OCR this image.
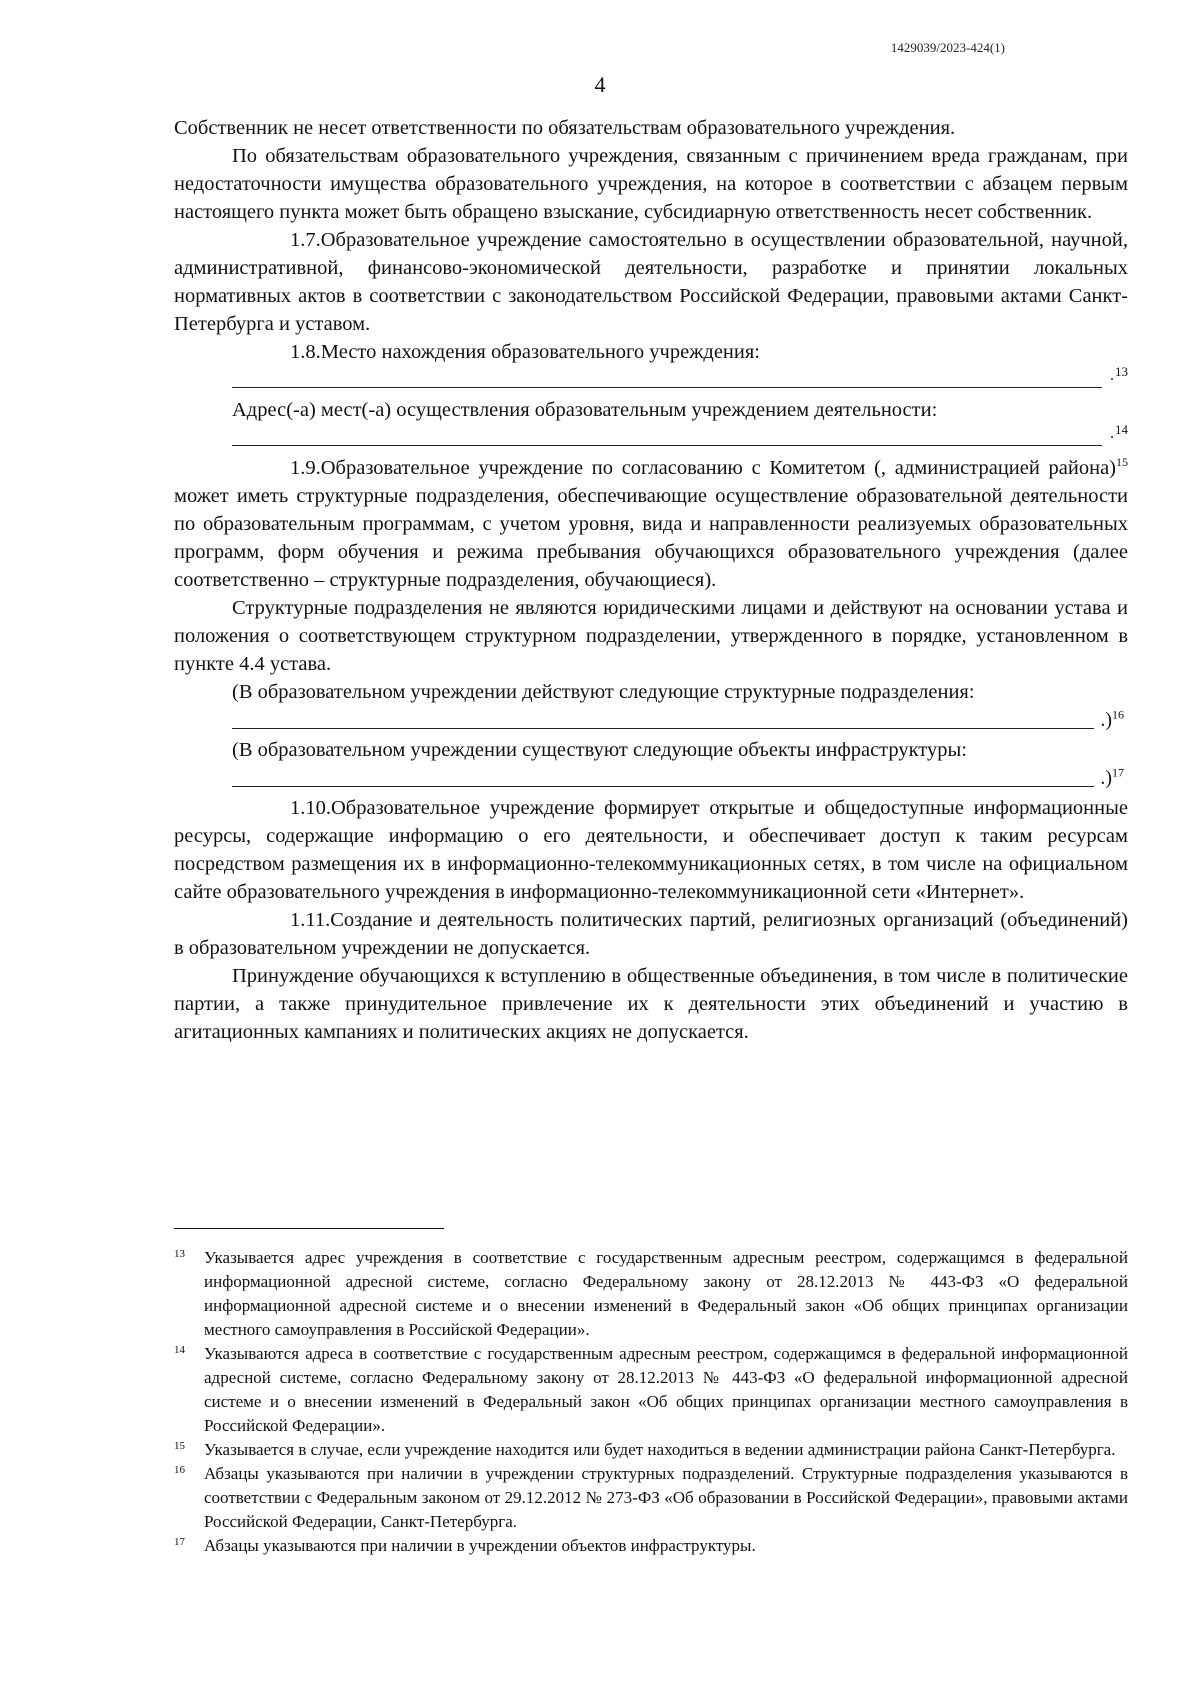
1429039/2023-424(1)
4

Собственник не несет ответственности по обязательствам образовательного учреждения.

По обязательствам образовательного учреждения, связанным с причинением вреда гражданам, при недостаточности имущества образовательного учреждения, на которое в соответствии с абзацем первым настоящего пункта может быть обращено взыскание, субсидиарную ответственность несет собственник.

1.7.Образовательное учреждение самостоятельно в осуществлении образовательной, научной, административной, финансово-экономической деятельности, разработке и принятии локальных нормативных актов в соответствии с законодательством Российской Федерации, правовыми актами Санкт-Петербурга и уставом.

1.8.Место нахождения образовательного учреждения:

. 13

Адрес(-а) мест(-а) осуществления образовательным учреждением деятельности:

. 14

1.9.Образовательное учреждение по согласованию с Комитетом (, администрацией района)$^{15}$ может иметь структурные подразделения, обеспечивающие осуществление образовательной деятельности по образовательным программам, с учетом уровня, вида и направленности реализуемых образовательных программ, форм обучения и режима пребывания обучающихся образовательного учреждения (далее соответственно – структурные подразделения, обучающиеся).

Структурные подразделения не являются юридическими лицами и действуют на основании устава и положения о соответствующем структурном подразделении, утвержденного в порядке, установленном в пункте 4.4 устава.

(В образовательном учреждении действуют следующие структурные подразделения:

.)$^{16}$

(В образовательном учреждении существуют следующие объекты инфраструктуры:

.)$^{17}$

1.10.Образовательное учреждение формирует открытые и общедоступные информационные ресурсы, содержащие информацию о его деятельности, и обеспечивает доступ к таким ресурсам посредством размещения их в информационно-телекоммуникационных сетях, в том числе на официальном сайте образовательного учреждения в информационно-телекоммуникационной сети «Интернет».

1.11.Создание и деятельность политических партий, религиозных организаций (объединений) в образовательном учреждении не допускается.

Принуждение обучающихся к вступлению в общественные объединения, в том числе в политические партии, а также принудительное привлечение их к деятельности этих объединений и участию в агитационных кампаниях и политических акциях не допускается.

13 Указывается адрес учреждения в соответствие с государственным адресным реестром, содержащимся в федеральной информационной адресной системе, согласно Федеральному закону от 28.12.2013 № 443-ФЗ «О федеральной информационной адресной системе и о внесении изменений в Федеральный закон «Об общих принципах организации местного самоуправления в Российской Федерации».

14 Указываются адреса в соответствие с государственным адресным реестром, содержащимся в федеральной информационной адресной системе, согласно Федеральному закону от 28.12.2013 № 443-ФЗ «О федеральной информационной адресной системе и о внесении изменений в Федеральный закон «Об общих принципах организации местного самоуправления в Российской Федерации».

15 Указывается в случае, если учреждение находится или будет находиться в ведении администрации района Санкт-Петербурга.

16 Абзацы указываются при наличии в учреждении структурных подразделений. Структурные подразделения указываются в соответствии с Федеральным законом от 29.12.2012 № 273-ФЗ «Об образовании в Российской Федерации», правовыми актами Российской Федерации, Санкт-Петербурга.

17 Абзацы указываются при наличии в учреждении объектов инфраструктуры.
